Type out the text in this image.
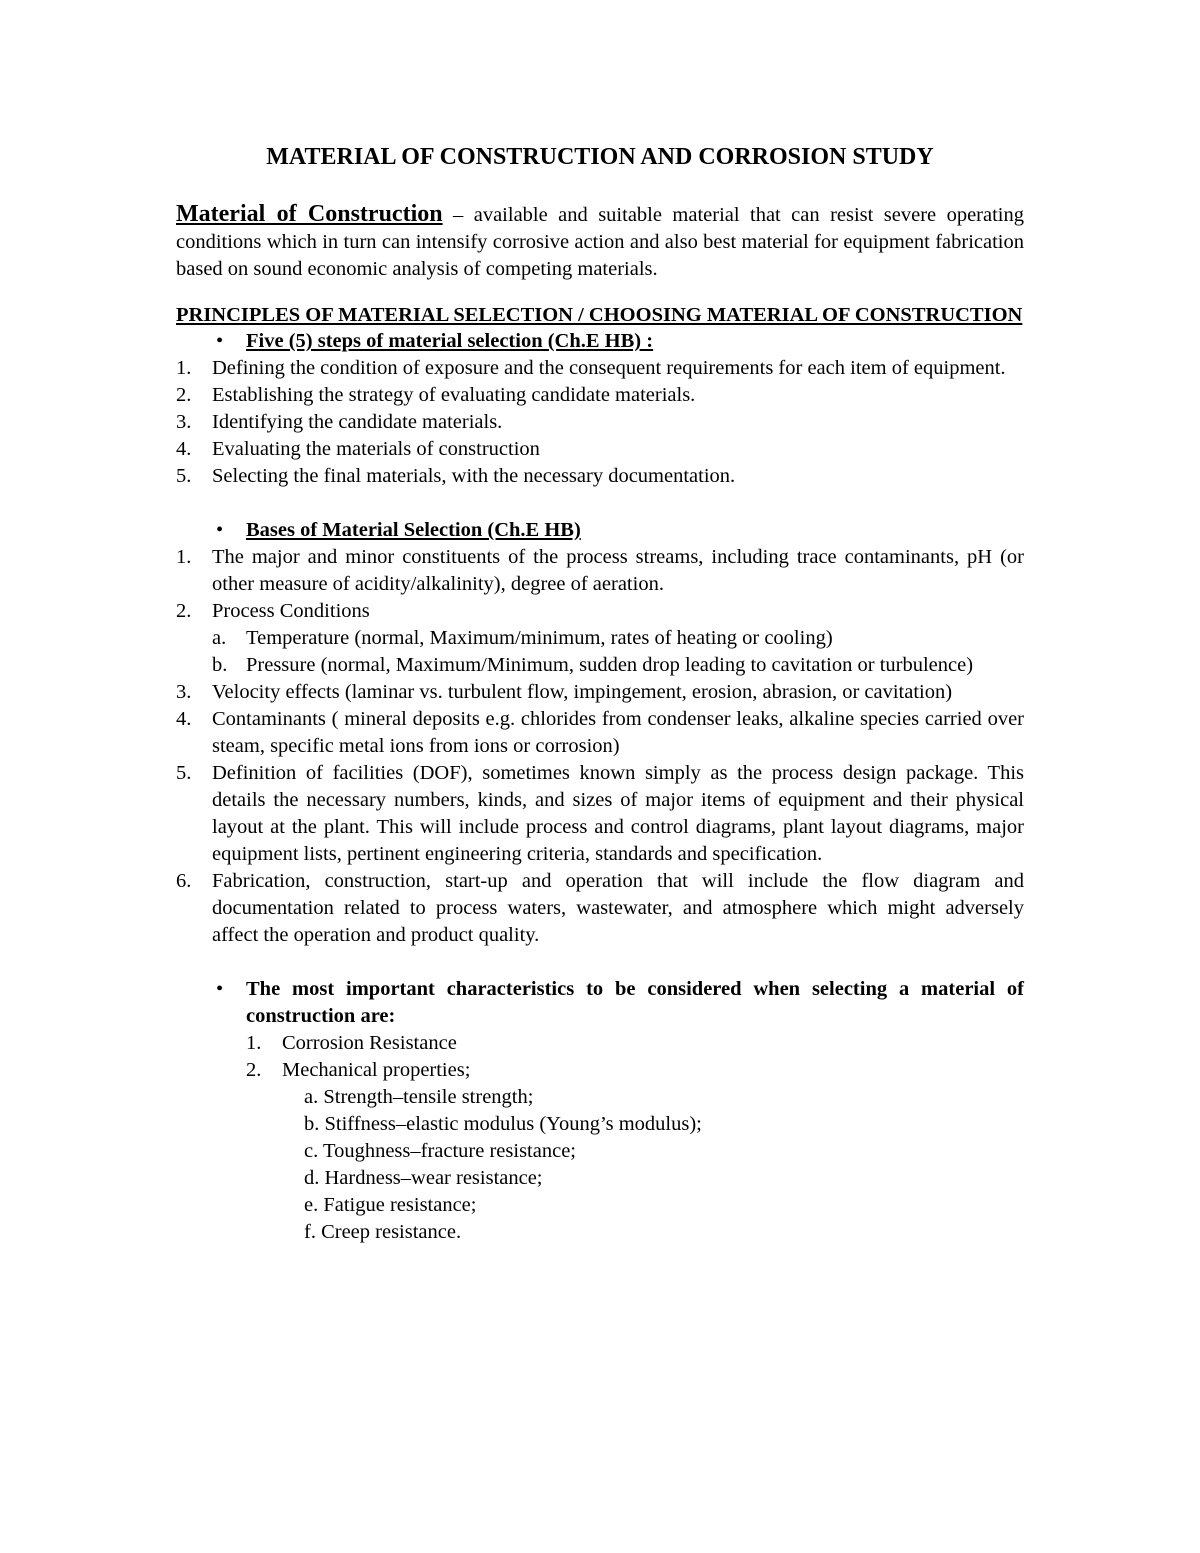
MATERIAL OF CONSTRUCTION AND CORROSION STUDY

Material of Construction – available and suitable material that can resist severe operating conditions which in turn can intensify corrosive action and also best material for equipment fabrication based on sound economic analysis of competing materials.

PRINCIPLES OF MATERIAL SELECTION / CHOOSING MATERIAL OF CONSTRUCTION
• Five (5) steps of material selection (Ch.E HB) :
1. Defining the condition of exposure and the consequent requirements for each item of equipment.
2. Establishing the strategy of evaluating candidate materials.
3. Identifying the candidate materials.
4. Evaluating the materials of construction
5. Selecting the final materials, with the necessary documentation.
• Bases of Material Selection (Ch.E HB)
1. The major and minor constituents of the process streams, including trace contaminants, pH (or other measure of acidity/alkalinity), degree of aeration.
2. Process Conditions
a. Temperature (normal, Maximum/minimum, rates of heating or cooling)
b. Pressure (normal, Maximum/Minimum, sudden drop leading to cavitation or turbulence)
3. Velocity effects (laminar vs. turbulent flow, impingement, erosion, abrasion, or cavitation)
4. Contaminants ( mineral deposits e.g. chlorides from condenser leaks, alkaline species carried over steam, specific metal ions from ions or corrosion)
5. Definition of facilities (DOF), sometimes known simply as the process design package. This details the necessary numbers, kinds, and sizes of major items of equipment and their physical layout at the plant. This will include process and control diagrams, plant layout diagrams, major equipment lists, pertinent engineering criteria, standards and specification.
6. Fabrication, construction, start-up and operation that will include the flow diagram and documentation related to process waters, wastewater, and atmosphere which might adversely affect the operation and product quality.
• The most important characteristics to be considered when selecting a material of construction are:
1. Corrosion Resistance
2. Mechanical properties;
a. Strength–tensile strength;
b. Stiffness–elastic modulus (Young’s modulus);
c. Toughness–fracture resistance;
d. Hardness–wear resistance;
e. Fatigue resistance;
f. Creep resistance.
